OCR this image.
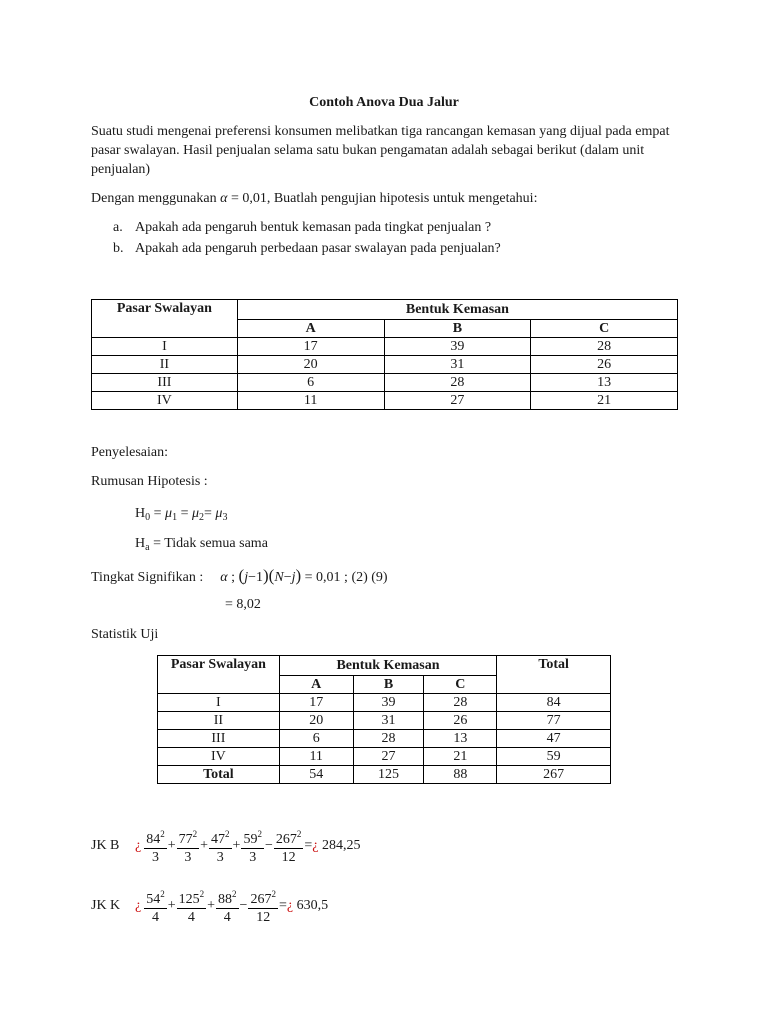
Contoh Anova Dua Jalur
Suatu studi mengenai preferensi konsumen melibatkan tiga rancangan kemasan yang dijual pada empat pasar swalayan. Hasil penjualan selama satu bukan pengamatan adalah sebagai berikut (dalam unit penjualan)
Dengan menggunakan α = 0,01, Buatlah pengujian hipotesis untuk mengetahui:
a. Apakah ada pengaruh bentuk kemasan pada tingkat penjualan ?
b. Apakah ada pengaruh perbedaan pasar swalayan pada penjualan?
Pasar Swalayan	Bentuk Kemasan		
	A	B	C
I	17	39	28
II	20	31	26
III	6	28	13
IV	11	27	21
Penyelesaian:
Rumusan Hipotesis :
$H_0 = \mu_1 = \mu_2= \mu_3$
$H_a$ = Tidak semua sama
Tingkat Signifikan : α ; (j−1)(N−j) = 0,01 ; (2) (9)
= 8,02
Statistik Uji
Pasar Swalayan	Bentuk Kemasan			Total
	A	B	C	
I	17	39	28	84
II	20	31	26	77
III	6	28	13	47
IV	11	27	21	59
Total	54	125	88	267
JK B	¿ $\frac{84^2}{3} + \frac{77^2}{3} + \frac{47^2}{3} + \frac{59^2}{3} - \frac{267^2}{12}$ = ¿
284,25
JK K	¿ $\frac{54^2}{4} + \frac{125^2}{4} + \frac{88^2}{4} - \frac{267^2}{12}$ = ¿
630,5
